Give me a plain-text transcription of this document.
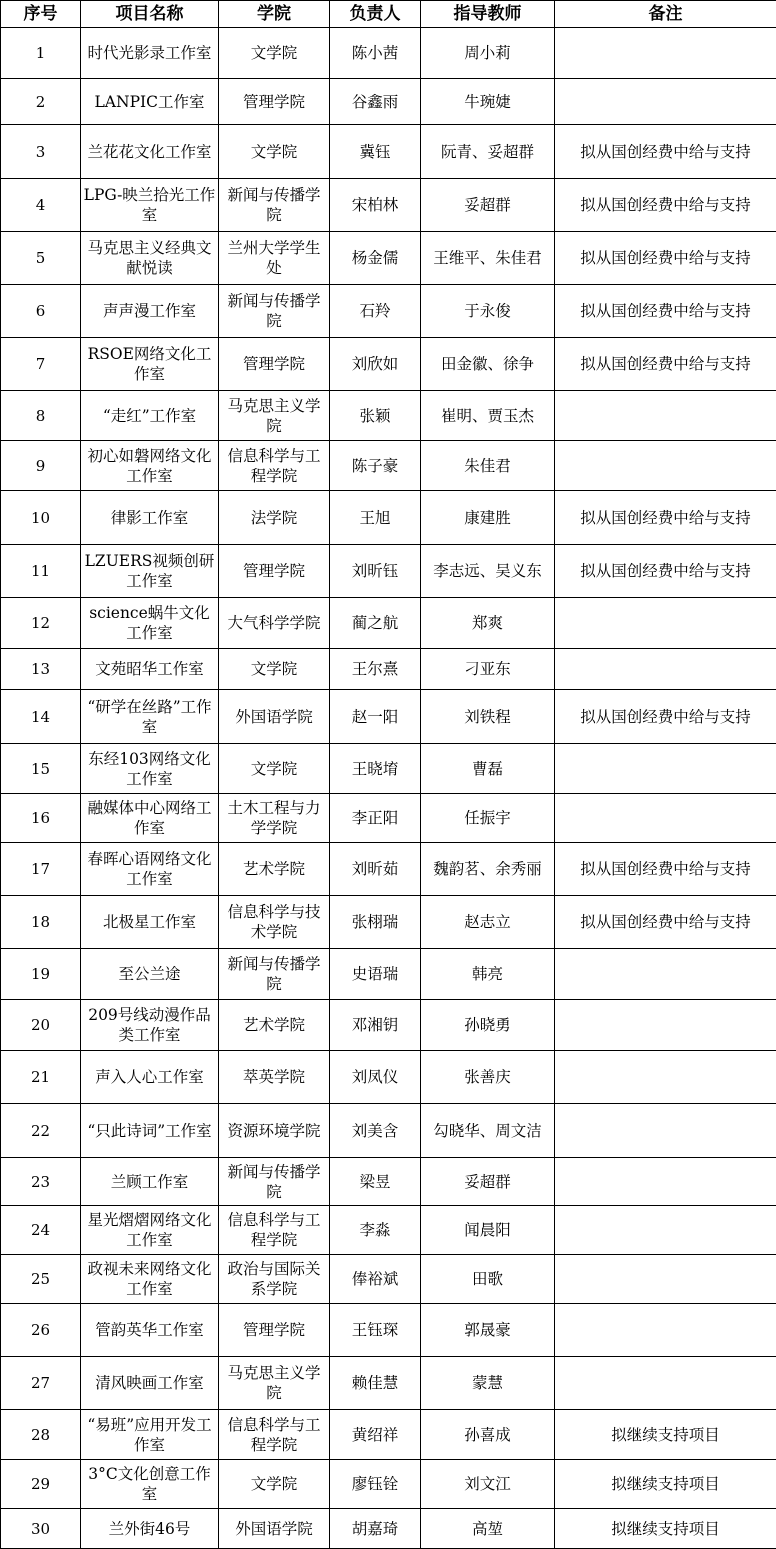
序号	项目名称	学院	负责人	指导教师	备注
1	时代光影录工作室	文学院	陈小茜	周小莉	
2	LANPIC工作室	管理学院	谷鑫雨	牛琬婕	
3	兰花花文化工作室	文学院	冀钰	阮青、妥超群	拟从国创经费中给与支持
4	LPG-映兰拾光工作室	新闻与传播学院	宋柏林	妥超群	拟从国创经费中给与支持
5	马克思主义经典文献悦读	兰州大学学生处	杨金儒	王维平、朱佳君	拟从国创经费中给与支持
6	声声漫工作室	新闻与传播学院	石羚	于永俊	拟从国创经费中给与支持
7	RSOE网络文化工作室	管理学院	刘欣如	田金徽、徐争	拟从国创经费中给与支持
8	“走红”工作室	马克思主义学院	张颖	崔明、贾玉杰	
9	初心如磐网络文化工作室	信息科学与工程学院	陈子豪	朱佳君	
10	律影工作室	法学院	王旭	康建胜	拟从国创经费中给与支持
11	LZUERS视频创研工作室	管理学院	刘昕钰	李志远、吴义东	拟从国创经费中给与支持
12	science蜗牛文化工作室	大气科学学院	蔺之航	郑爽	
13	文苑昭华工作室	文学院	王尔熹	刁亚东	
14	“研学在丝路”工作室	外国语学院	赵一阳	刘铁程	拟从国创经费中给与支持
15	东经103网络文化工作室	文学院	王晓堉	曹磊	
16	融媒体中心网络工作室	土木工程与力学学院	李正阳	任振宇	
17	春晖心语网络文化工作室	艺术学院	刘昕茹	魏韵茗、余秀丽	拟从国创经费中给与支持
18	北极星工作室	信息科学与技术学院	张栩瑞	赵志立	拟从国创经费中给与支持
19	至公兰途	新闻与传播学院	史语瑞	韩亮	
20	209号线动漫作品类工作室	艺术学院	邓湘钥	孙晓勇	
21	声入人心工作室	萃英学院	刘凤仪	张善庆	
22	“只此诗词”工作室	资源环境学院	刘美含	勾晓华、周文洁	
23	兰顾工作室	新闻与传播学院	梁昱	妥超群	
24	星光熠熠网络文化工作室	信息科学与工程学院	李淼	闻晨阳	
25	政视未来网络文化工作室	政治与国际关系学院	俸裕斌	田歌	
26	管韵英华工作室	管理学院	王钰琛	郭晟豪	
27	清风映画工作室	马克思主义学院	赖佳慧	蒙慧	
28	“易班”应用开发工作室	信息科学与工程学院	黄绍祥	孙喜成	拟继续支持项目
29	3°C文化创意工作室	文学院	廖钰铨	刘文江	拟继续支持项目
30	兰外街46号	外国语学院	胡嘉琦	高堃	拟继续支持项目
